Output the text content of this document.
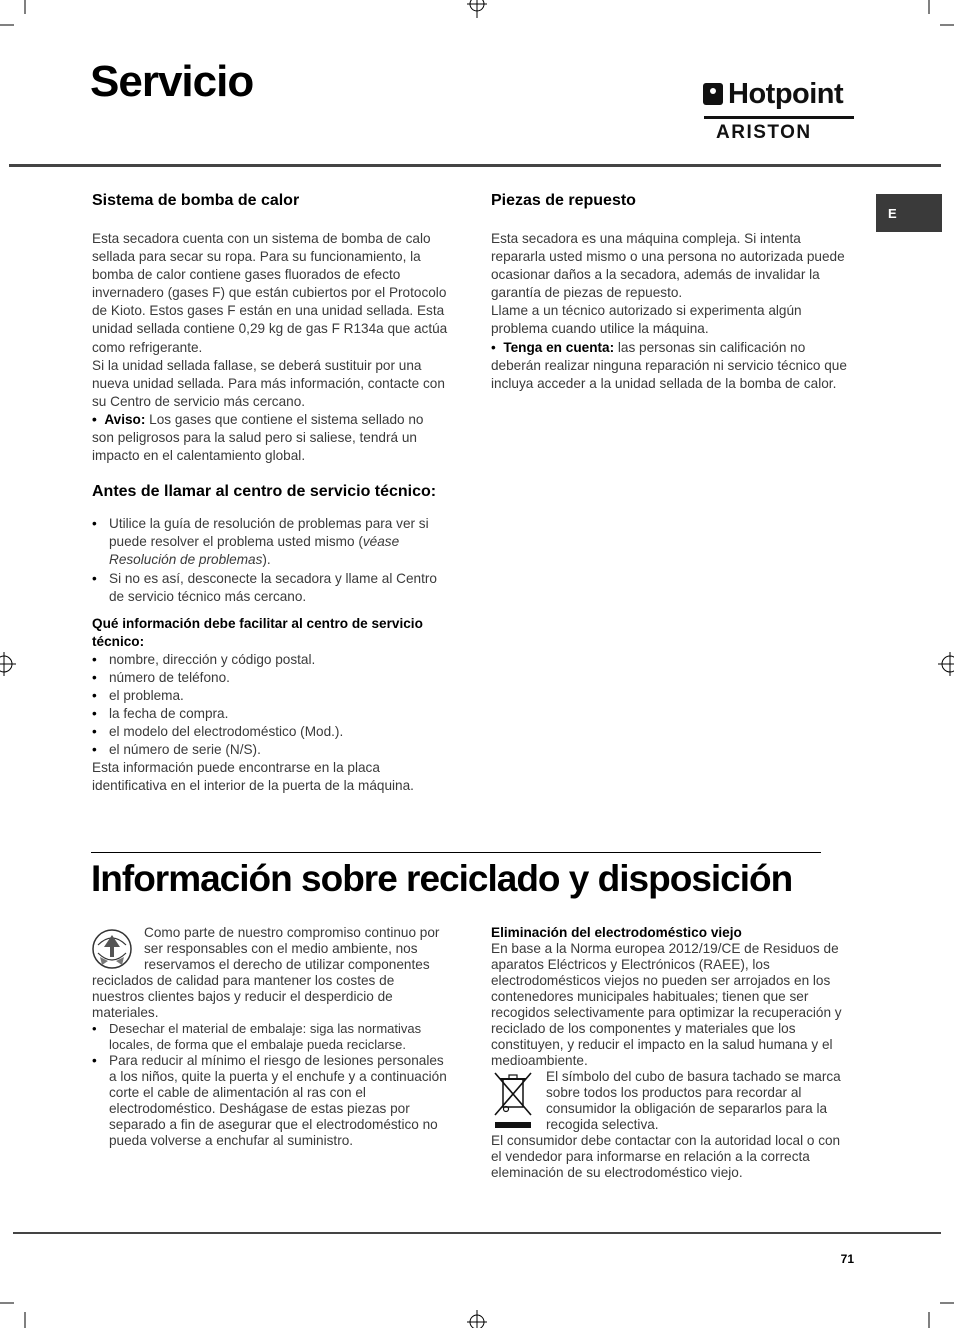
Servicio	Hotpoint
ARISTON
E
Sistema de bomba de calor

Esta secadora cuenta con un sistema de bomba de calo sellada para secar su ropa. Para su funcionamiento, la bomba de calor contiene gases fluorados de efecto invernadero (gases F) que están cubiertos por el Protocolo de Kioto. Estos gases F están en una unidad sellada. Esta unidad sellada contiene 0,29 kg de gas F R134a que actúa como refrigerante.

Si la unidad sellada fallase, se deberá sustituir por una nueva unidad sellada. Para más información, contacte con su Centro de servicio más cercano.

• •  Aviso: Los gases que contiene el sistema sellado no son peligrosos para la salud pero si saliese, tendrá un impacto en el calentamiento global.

Antes de llamar al centro de servicio técnico:

• Utilice la guía de resolución de problemas para ver si puede resolver el problema usted mismo (véase Resolución de problemas).

• Si no es así, desconecte la secadora y llame al Centro de servicio técnico más cercano.

Qué información debe facilitar al centro de servicio técnico:

• nombre, dirección y código postal.

• número de teléfono.

• el problema.

• la fecha de compra.

• el modelo del electrodoméstico (Mod.).

• el número de serie (N/S).

Esta información puede encontrarse en la placa identificativa en el interior de la puerta de la máquina.

Piezas de repuesto

Esta secadora es una máquina compleja. Si intenta repararla usted mismo o una persona no autorizada puede ocasionar daños a la secadora, además de invalidar la garantía de piezas de repuesto.

Llame a un técnico autorizado si experimenta algún problema cuando utilice la máquina.

•  Tenga en cuenta: las personas sin calificación no deberán realizar ninguna reparación ni servicio técnico que incluya acceder a la unidad sellada de la bomba de calor.

Información sobre reciclado y disposición

Como parte de nuestro compromiso continuo por ser responsables con el medio ambiente, nos reservamos el derecho de utilizar componentes reciclados de calidad para mantener los costes de nuestros clientes bajos y reducir el desperdicio de materiales.

• Desechar el material de embalaje: siga las normativas locales, de forma que el embalaje pueda reciclarse.

• Para reducir al mínimo el riesgo de lesiones personales a los niños, quite la puerta y el enchufe y a continuación corte el cable de alimentación al ras con el electrodoméstico. Deshágase de estas piezas por separado a fin de asegurar que el electrodoméstico no pueda volverse a enchufar al suministro.

Eliminación del electrodoméstico viejo

En base a la Norma europea 2012/19/CE de Residuos de aparatos Eléctricos y Electrónicos (RAEE), los electrodomésticos viejos no pueden ser arrojados en los contenedores municipales habituales; tienen que ser recogidos selectivamente para optimizar la recuperación y reciclado de los componentes y materiales que los constituyen, y reducir el impacto en la salud humana y el medioambiente.

El símbolo del cubo de basura tachado se marca sobre todos los productos para recordar al consumidor la obligación de separarlos para la recogida selectiva.

El consumidor debe contactar con la autoridad local o con el vendedor para informarse en relación a la correcta eleminación de su electrodoméstico viejo.

71
